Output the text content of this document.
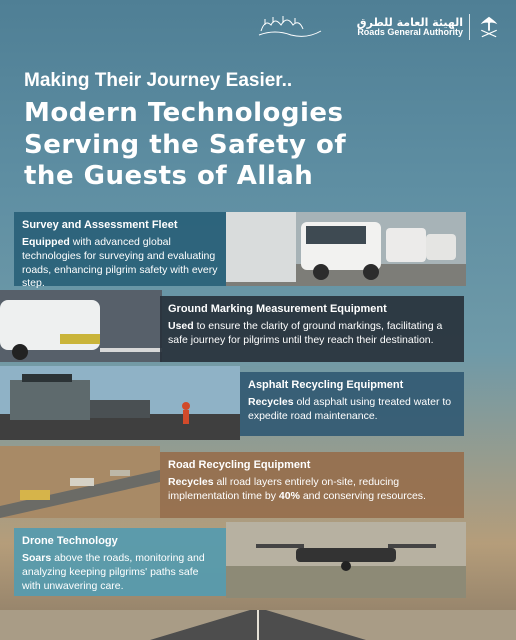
الهيئة العامة للطرق
Roads General Authority

Making Their Journey Easier..

Modern Technologies
Serving the Safety of
the Guests of Allah

Survey and Assessment Fleet
Equipped with advanced global technologies for surveying and evaluating roads, enhancing pilgrim safety with every step.
Ground Marking Measurement Equipment
Used to ensure the clarity of ground markings, facilitating a safe journey for pilgrims until they reach their destination.
Asphalt Recycling Equipment
Recycles old asphalt using treated water to expedite road maintenance.
Road Recycling Equipment
Recycles all road layers entirely on-site, reducing implementation time by 40% and conserving resources.
Drone Technology
Soars above the roads, monitoring and analyzing keeping pilgrims' paths safe with unwavering care.
